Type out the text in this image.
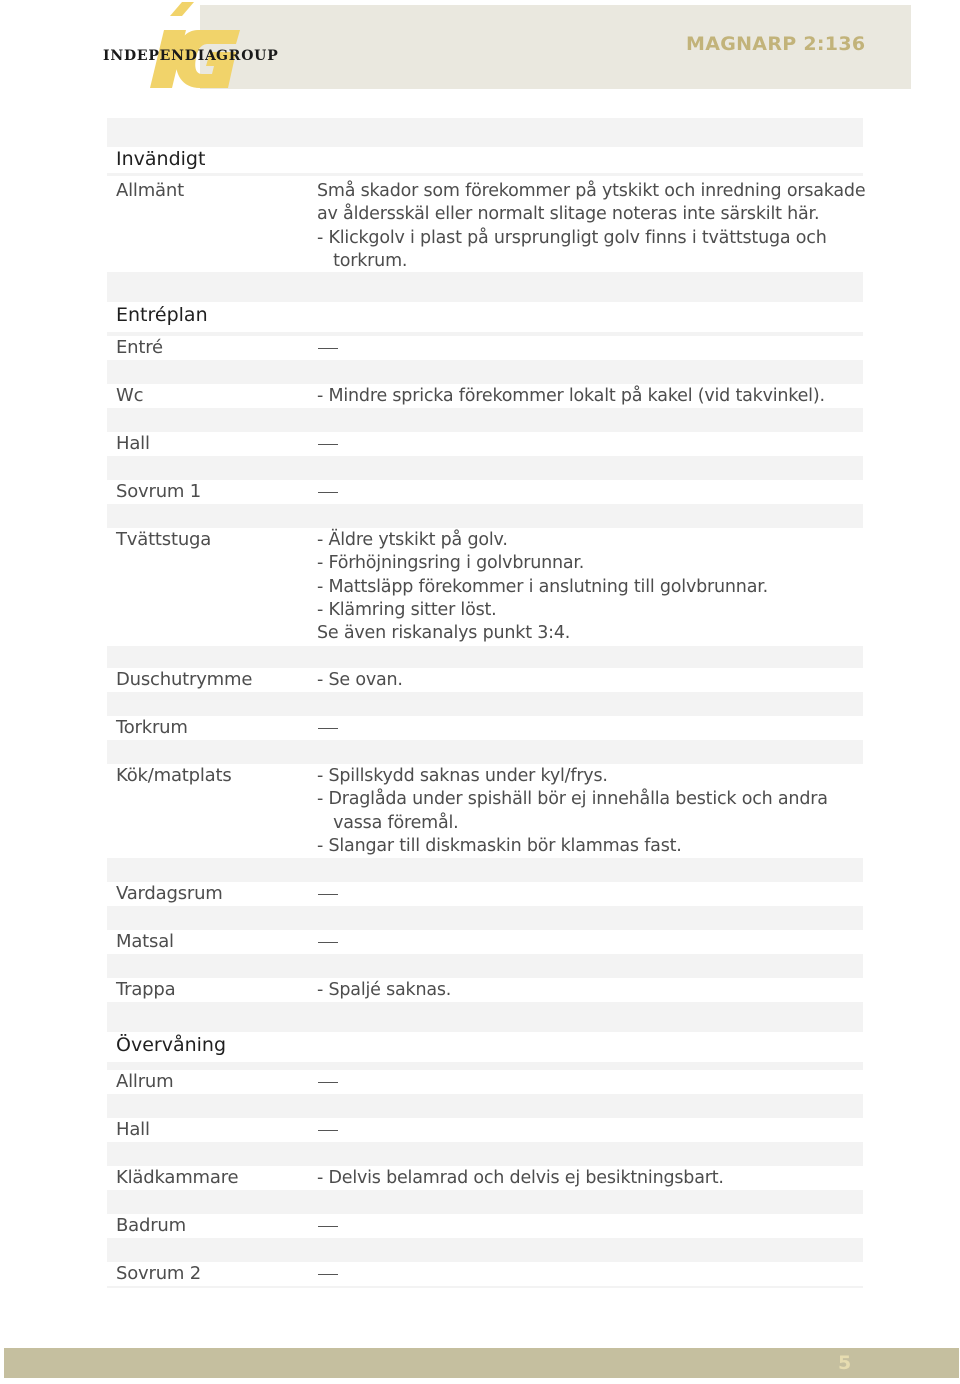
iG
INDEPENDIA GROUP
MAGNARP 2:136
Invändigt
Allmänt	Små skador som förekommer på ytskikt och inredning orsakade
av åldersskäl eller normalt slitage noteras inte särskilt här.
- Klickgolv i plast på ursprungligt golv finns i tvättstuga och
torkrum.
Entréplan
Entré
Wc	- Mindre spricka förekommer lokalt på kakel (vid takvinkel).
Hall
Sovrum 1
Tvättstuga	- Äldre ytskikt på golv.
- Förhöjningsring i golvbrunnar.
- Mattsläpp förekommer i anslutning till golvbrunnar.
- Klämring sitter löst.
Se även riskanalys punkt 3:4.
Duschutrymme	- Se ovan.
Torkrum
Kök/matplats	- Spillskydd saknas under kyl/frys.
- Draglåda under spishäll bör ej innehålla bestick och andra
vassa föremål.
- Slangar till diskmaskin bör klammas fast.
Vardagsrum
Matsal
Trappa	- Spaljé saknas.
Övervåning
Allrum
Hall
Klädkammare	- Delvis belamrad och delvis ej besiktningsbart.
Badrum
Sovrum 2
5
